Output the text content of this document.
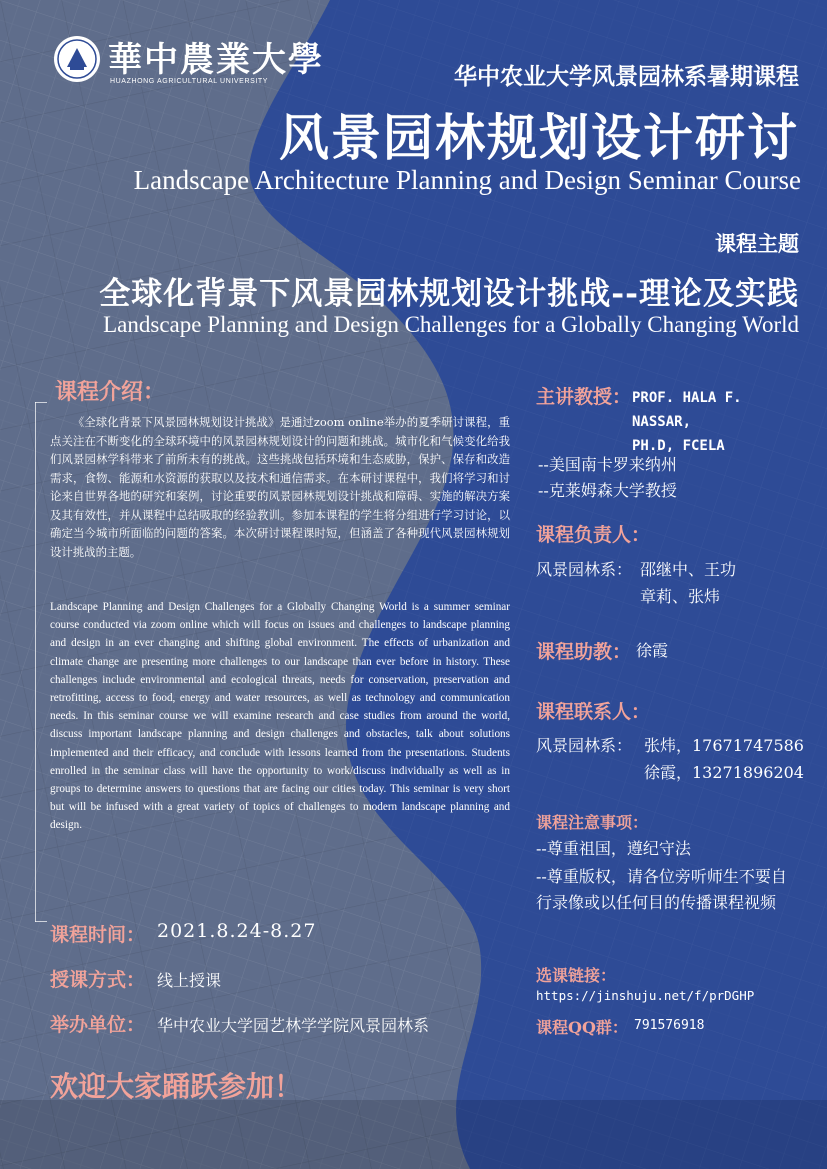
華中農業大學
HUAZHONG AGRICULTURAL UNIVERSITY	华中农业大学风景园林系暑期课程
风景园林规划设计研讨
Landscape Architecture Planning and Design Seminar Course
课程主题
全球化背景下风景园林规划设计挑战--理论及实践
Landscape Planning and Design Challenges for a Globally Changing World
课程介绍：
《全球化背景下风景园林规划设计挑战》是通过zoom online举办的夏季研讨课程，重点关注在不断变化的全球环境中的风景园林规划设计的问题和挑战。城市化和气候变化给我们风景园林学科带来了前所未有的挑战。这些挑战包括环境和生态威胁，保护、保存和改造需求，食物、能源和水资源的获取以及技术和通信需求。在本研讨课程中，我们将学习和讨论来自世界各地的研究和案例，讨论重要的风景园林规划设计挑战和障碍、实施的解决方案及其有效性，并从课程中总结吸取的经验教训。参加本课程的学生将分组进行学习讨论，以确定当今城市所面临的问题的答案。本次研讨课程课时短，但涵盖了各种现代风景园林规划设计挑战的主题。
Landscape Planning and Design Challenges for a Globally Changing World is a summer seminar course conducted via zoom online which will focus on issues and challenges to landscape planning and design in an ever changing and shifting global environment. The effects of urbanization and climate change are presenting more challenges to our landscape than ever before in history. These challenges include environmental and ecological threats, needs for conservation, preservation and retrofitting, access to food, energy and water resources, as well as technology and communication needs. In this seminar course we will examine research and case studies from around the world, discuss important landscape planning and design challenges and obstacles, talk about solutions implemented and their efficacy, and conclude with lessons learned from the presentations. Students enrolled in the seminar class will have the opportunity to work/discuss individually as well as in groups to determine answers to questions that are facing our cities today. This seminar is very short but will be infused with a great variety of topics of challenges to modern landscape planning and design.
课程时间： 2021.8.24-8.27
授课方式： 线上授课
举办单位： 华中农业大学园艺林学学院风景园林系
欢迎大家踊跃参加！
主讲教授： PROF. HALA F.
NASSAR,
PH.D, FCELA
--美国南卡罗来纳州
--克莱姆森大学教授
课程负责人：
风景园林系： 邵继中、王功
章莉、张炜
课程助教： 徐霞
课程联系人：
风景园林系： 张炜，17671747586
徐霞，13271896204
课程注意事项：
--尊重祖国，遵纪守法
--尊重版权，请各位旁听师生不要自
行录像或以任何目的传播课程视频
选课链接：
https://jinshuju.net/f/prDGHP
课程QQ群： 791576918
